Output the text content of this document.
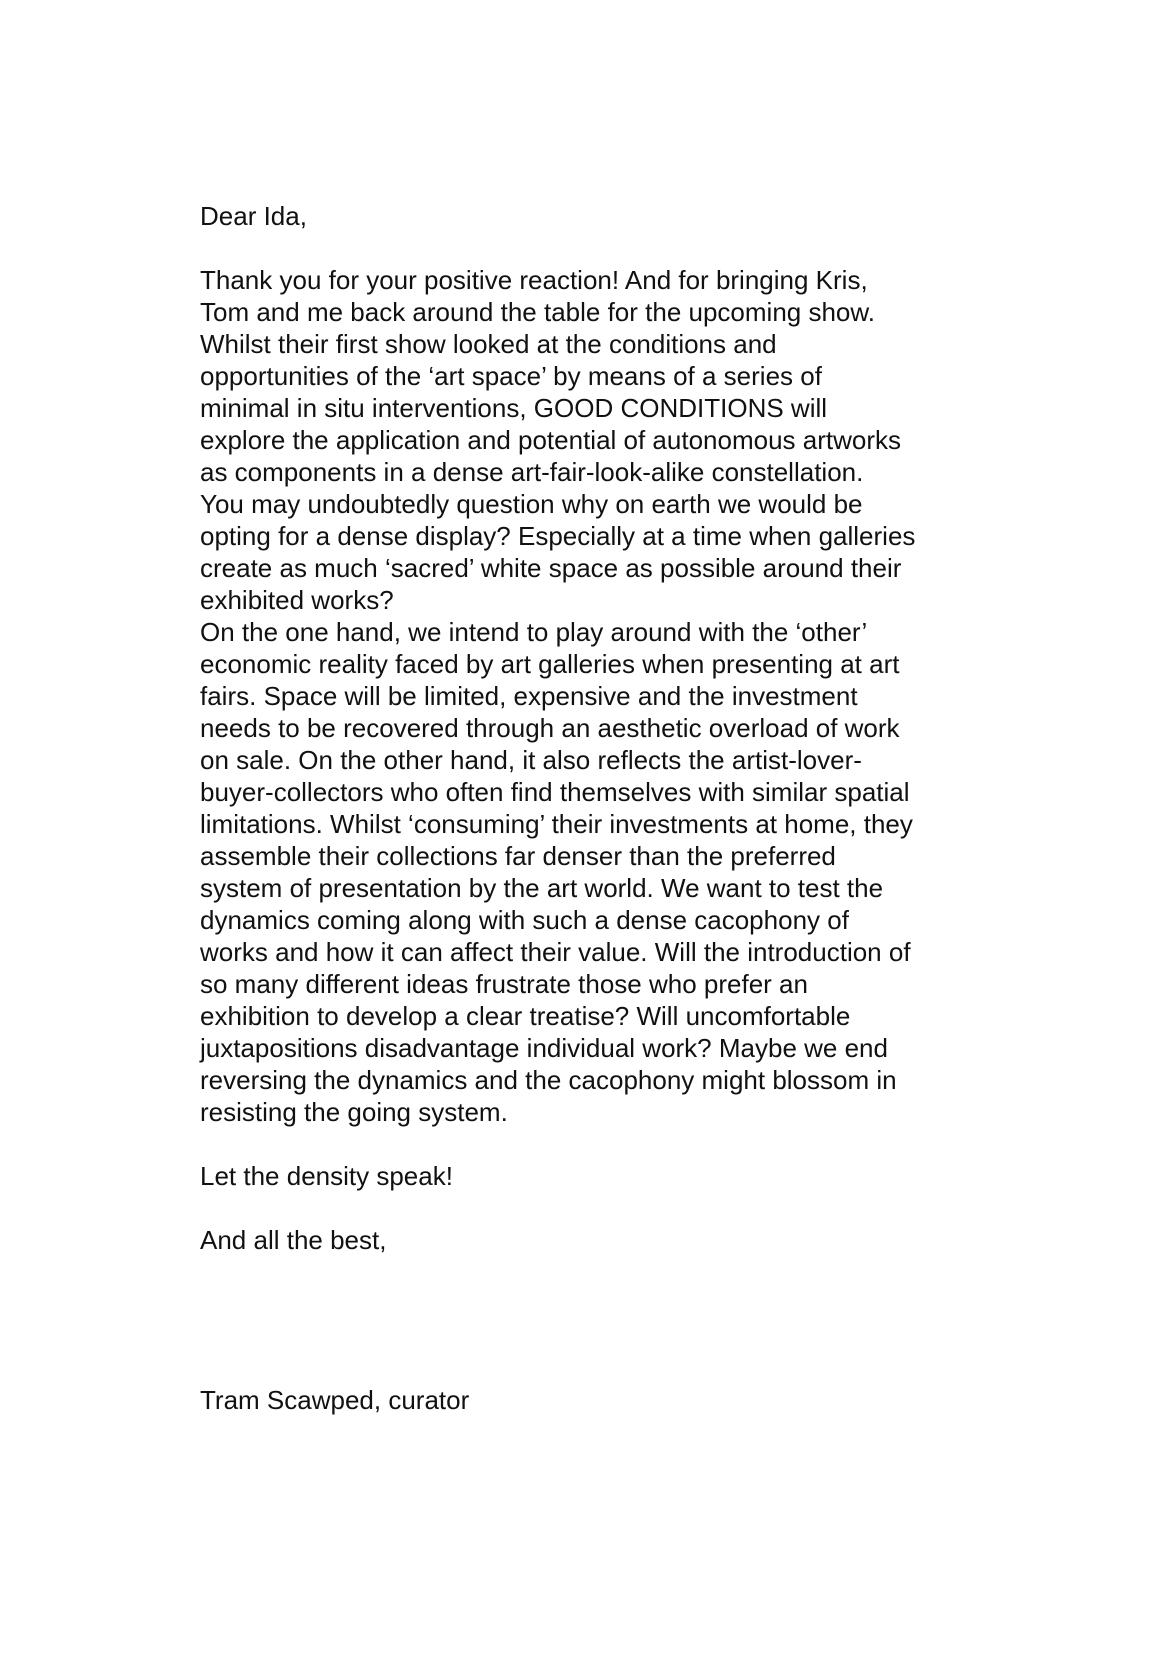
Dear Ida,

Thank you for your positive reaction! And for bringing Kris,

Tom and me back around the table for the upcoming show.

Whilst their first show looked at the conditions and

opportunities of the ‘art space’ by means of a series of

minimal in situ interventions, GOOD CONDITIONS will

explore the application and potential of autonomous artworks

as components in a dense art-fair-look-alike constellation.

You may undoubtedly question why on earth we would be

opting for a dense display? Especially at a time when galleries

create as much ‘sacred’ white space as possible around their

exhibited works?

On the one hand, we intend to play around with the ‘other’

economic reality faced by art galleries when presenting at art

fairs. Space will be limited, expensive and the investment

needs to be recovered through an aesthetic overload of work

on sale. On the other hand, it also reflects the artist-lover-

buyer-collectors who often find themselves with similar spatial

limitations. Whilst ‘consuming’ their investments at home, they

assemble their collections far denser than the preferred

system of presentation by the art world. We want to test the

dynamics coming along with such a dense cacophony of

works and how it can affect their value. Will the introduction of

so many different ideas frustrate those who prefer an

exhibition to develop a clear treatise? Will uncomfortable

juxtapositions disadvantage individual work? Maybe we end

reversing the dynamics and the cacophony might blossom in

resisting the going system.

Let the density speak!

And all the best,

Tram Scawped, curator
